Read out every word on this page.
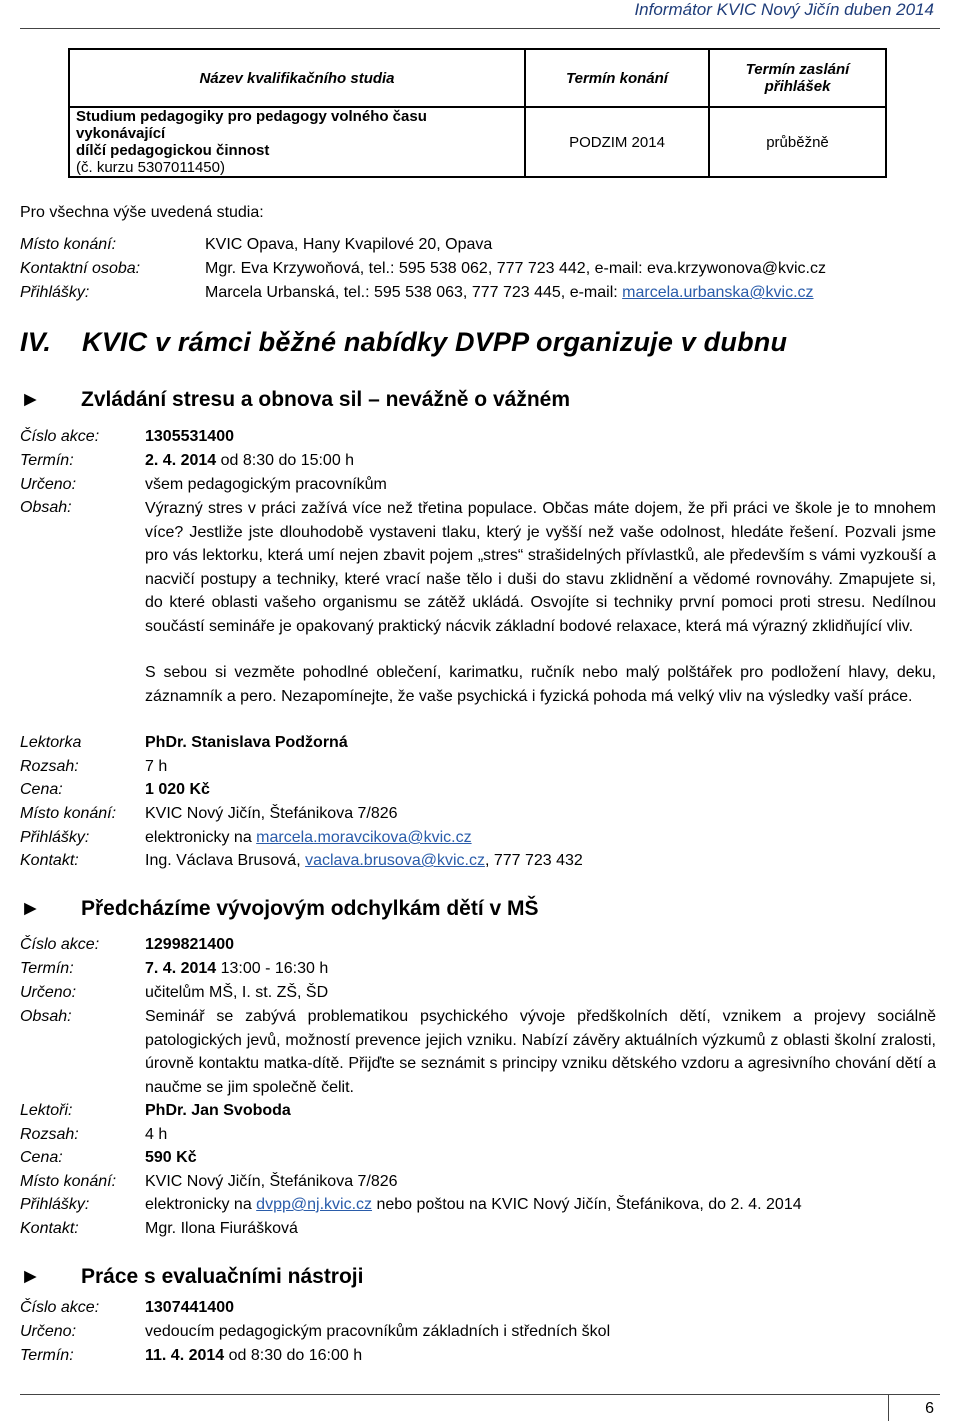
Informátor KVIC Nový Jičín duben 2014
Název kvalifikačního studia	Termín konání	Termín zaslání
přihlášek

Studium pedagogiky pro pedagogy volného času vykonávající
dílčí pedagogickou činnost
(č. kurzu 5307011450)	PODZIM 2014	průběžně
Pro všechna výše uvedená studia:
Místo konání:	KVIC Opava, Hany Kvapilové 20, Opava
Kontaktní osoba:	Mgr. Eva Krzywoňová, tel.: 595 538 062, 777 723 442, e-mail: eva.krzywonova@kvic.cz
Přihlášky:	Marcela Urbanská, tel.: 595 538 063, 777 723 445, e-mail: marcela.urbanska@kvic.cz
IV. KVIC v rámci běžné nabídky DVPP organizuje v dubnu
► Zvládání stresu a obnova sil – nevážně o vážném
Číslo akce:	1305531400
Termín:	2. 4. 2014 od 8:30 do 15:00 h
Určeno:	všem pedagogickým pracovníkům
Obsah:	Výrazný stres v práci zažívá více než třetina populace. Občas máte dojem, že při práci ve škole je to mnohem více? Jestliže jste dlouhodobě vystaveni tlaku, který je vyšší než vaše odolnost, hledáte řešení. Pozvali jsme pro vás lektorku, která umí nejen zbavit pojem „stres“ strašidelných přívlastků, ale především s vámi vyzkouší a nacvičí postupy a techniky, které vrací naše tělo i duši do stavu zklidnění a vědomé rovnováhy. Zmapujete si, do které oblasti vašeho organismu se zátěž ukládá. Osvojíte si techniky první pomoci proti stresu. Nedílnou součástí semináře je opakovaný praktický nácvik základní bodové relaxace, která má výrazný zklidňující vliv.
S sebou si vezměte pohodlné oblečení, karimatku, ručník nebo malý polštářek pro podložení hlavy, deku, záznamník a pero. Nezapomínejte, že vaše psychická i fyzická pohoda má velký vliv na výsledky vaší práce.
Lektorka	PhDr. Stanislava Podžorná
Rozsah:	7 h
Cena:	1 020 Kč
Místo konání: KVIC Nový Jičín, Štefánikova 7/826
Přihlášky:	elektronicky na marcela.moravcikova@kvic.cz
Kontakt:	Ing. Václava Brusová, vaclava.brusova@kvic.cz, 777 723 432
► Předcházíme vývojovým odchylkám dětí v MŠ
Číslo akce:	1299821400
Termín:	7. 4. 2014 13:00 - 16:30 h
Určeno:	učitelům MŠ, I. st. ZŠ, ŠD
Obsah:	Seminář se zabývá problematikou psychického vývoje předškolních dětí, vznikem a projevy sociálně patologických jevů, možností prevence jejich vzniku. Nabízí závěry aktuálních výzkumů z oblasti školní zralosti, úrovně kontaktu matka-dítě. Přijďte se seznámit s principy vzniku dětského vzdoru a agresivního chování dětí a naučme se jim společně čelit.
Lektoři:	PhDr. Jan Svoboda
Rozsah:	4 h
Cena:	590 Kč
Místo konání: KVIC Nový Jičín, Štefánikova 7/826
Přihlášky:	elektronicky na dvpp@nj.kvic.cz nebo poštou na KVIC Nový Jičín, Štefánikova, do 2. 4. 2014
Kontakt:	Mgr. Ilona Fiurášková
► Práce s evaluačními nástroji
Číslo akce:	1307441400
Určeno:	vedoucím pedagogickým pracovníkům základních i středních škol
Termín:	11. 4. 2014 od 8:30 do 16:00 h
6
